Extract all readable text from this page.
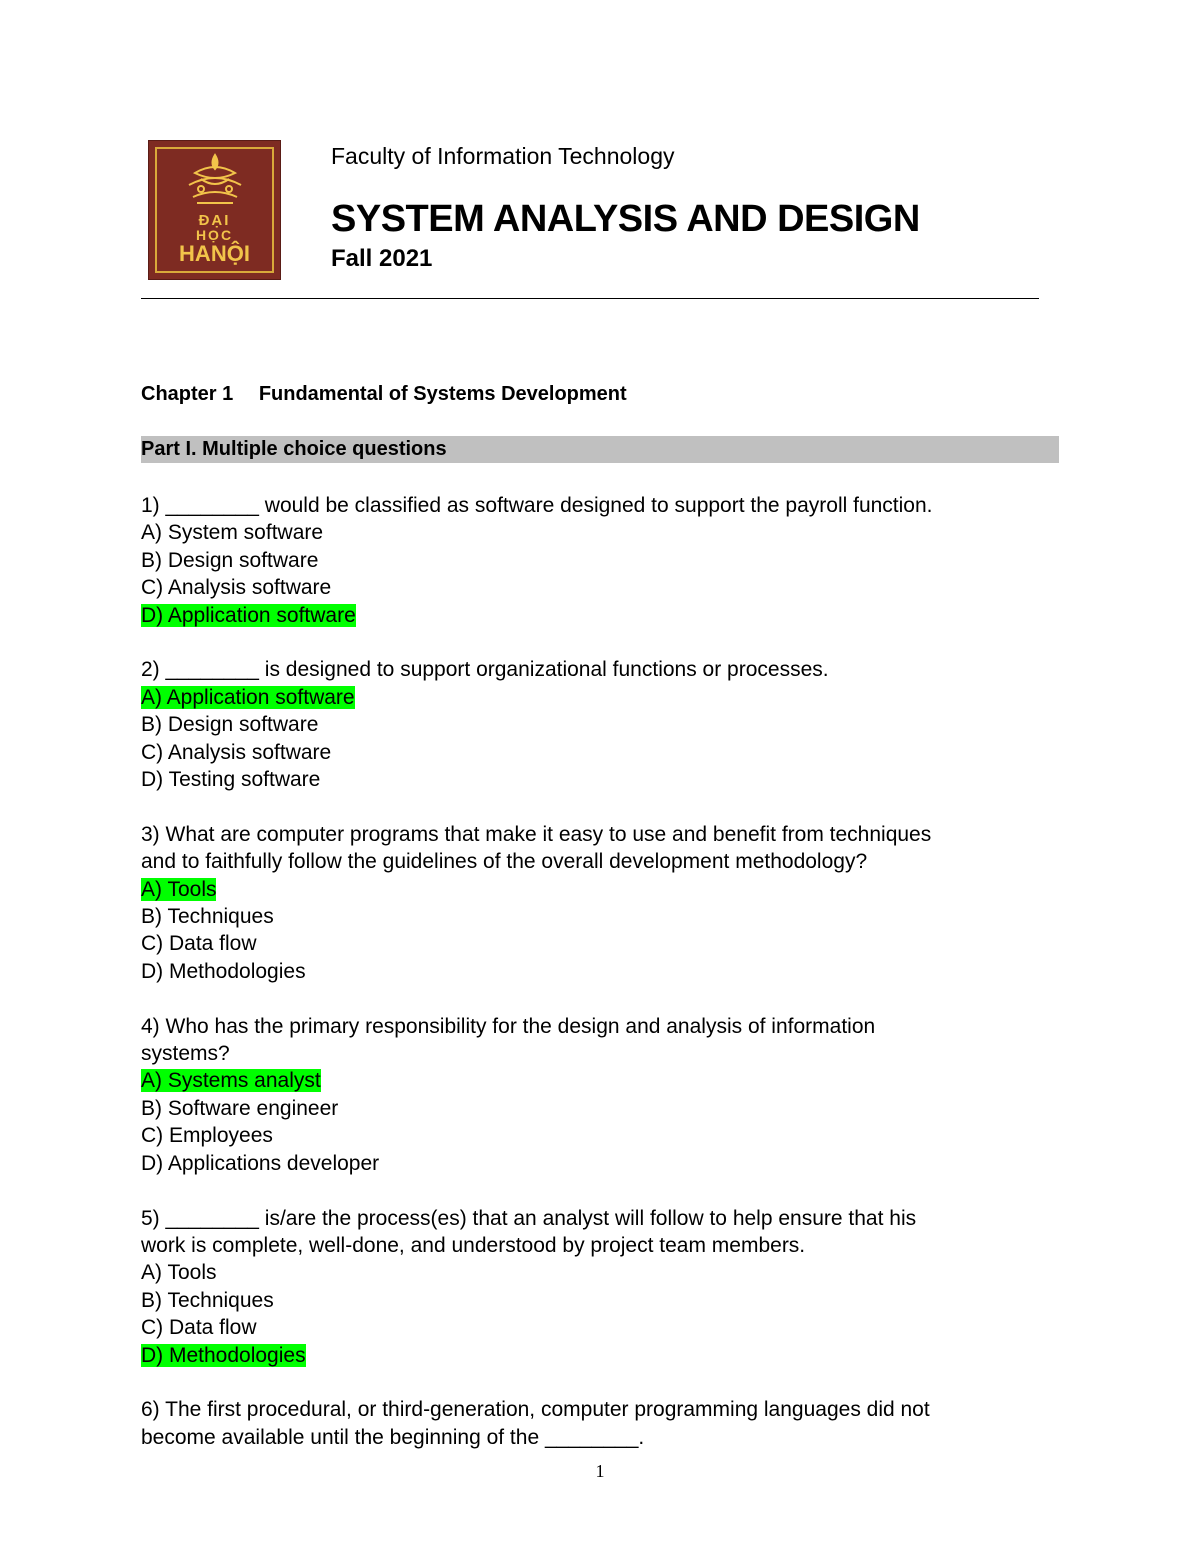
ĐẠI
HỌC
HANỘI
Faculty of Information Technology
SYSTEM ANALYSIS AND DESIGN
Fall 2021
Chapter 1 Fundamental of Systems Development
Part I. Multiple choice questions
1) ________ would be classified as software designed to support the payroll function.
A) System software
B) Design software
C) Analysis software
D) Application software
2) ________ is designed to support organizational functions or processes.
A) Application software
B) Design software
C) Analysis software
D) Testing software
3) What are computer programs that make it easy to use and benefit from techniques
and to faithfully follow the guidelines of the overall development methodology?
A) Tools
B) Techniques
C) Data flow
D) Methodologies
4) Who has the primary responsibility for the design and analysis of information
systems?
A) Systems analyst
B) Software engineer
C) Employees
D) Applications developer
5) ________ is/are the process(es) that an analyst will follow to help ensure that his
work is complete, well-done, and understood by project team members.
A) Tools
B) Techniques
C) Data flow
D) Methodologies
6) The first procedural, or third-generation, computer programming languages did not
become available until the beginning of the ________.
1
